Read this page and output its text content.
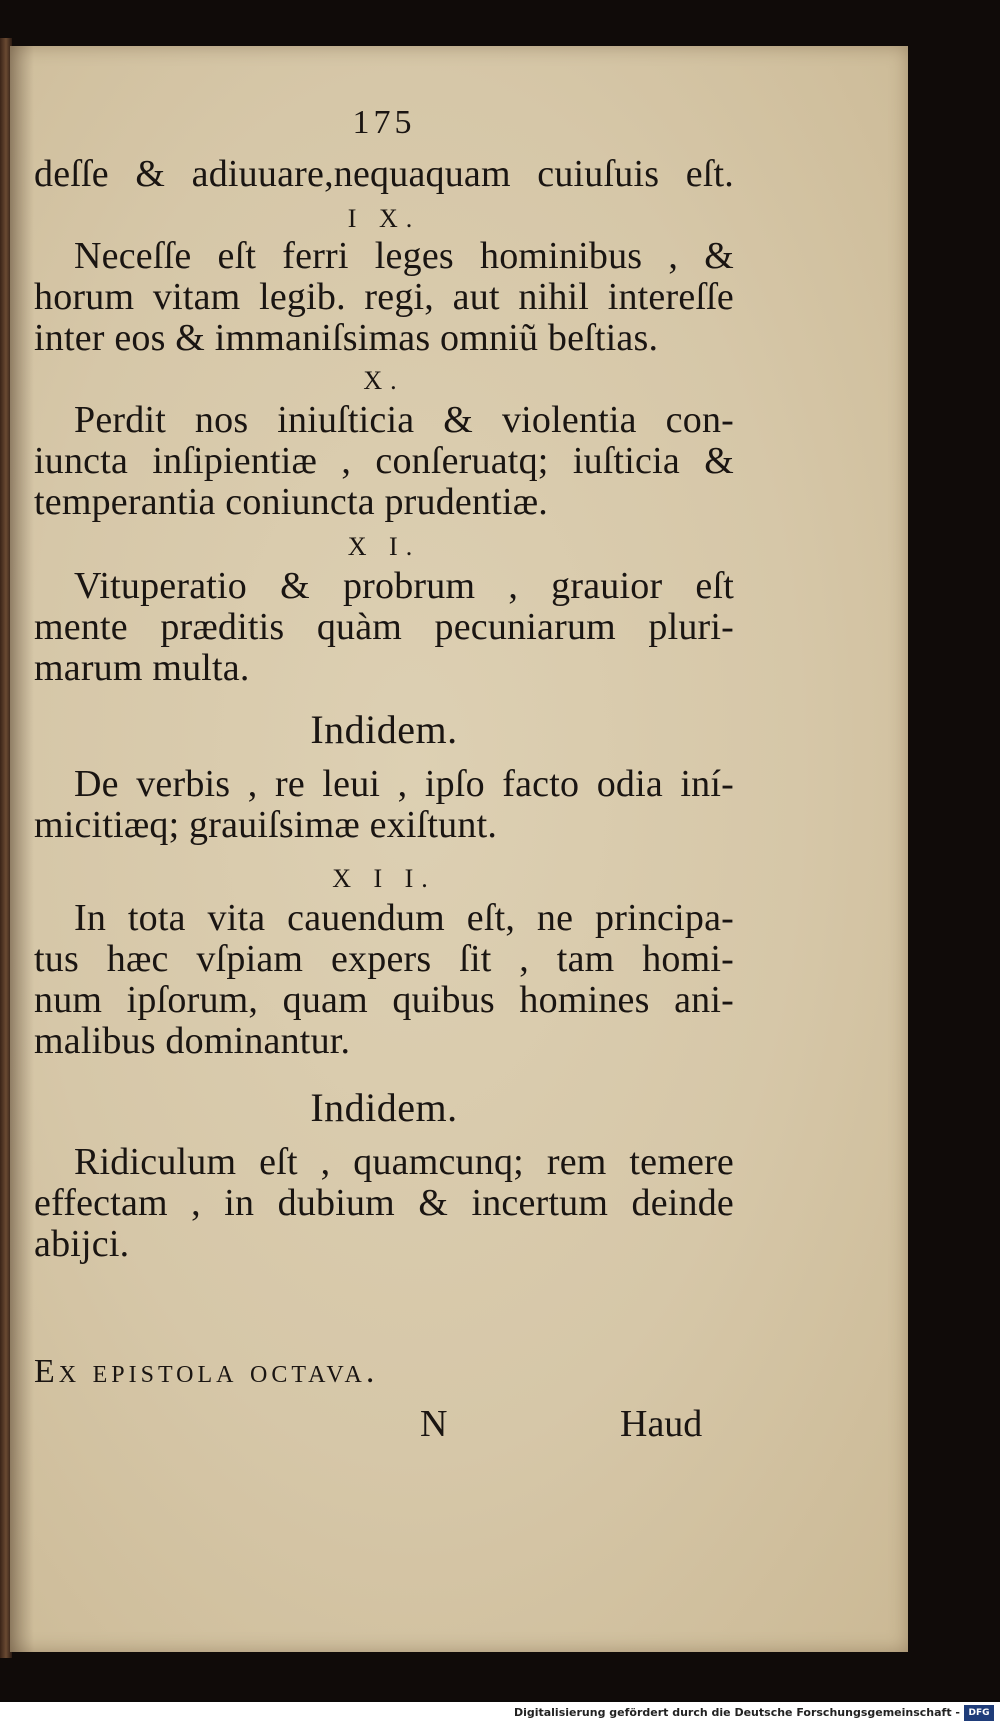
175
deſſe & adiuuare,nequaquam cuiuſuis eſt.
I X.
Neceſſe eſt ferri leges hominibus , &
horum vitam legib. regi, aut nihil intereſſe
inter eos & immaniſsimas omniũ beſtias.
X.
Perdit nos iniuſticia & violentia con-
iuncta inſipientiæ , conſeruatq; iuſticia &
temperantia coniuncta prudentiæ.
X I.
Vituperatio & probrum , grauior eſt
mente præditis quàm pecuniarum pluri-
marum multa.
Indidem.
De verbis , re leui , ipſo facto odia iní-
micitiæq; grauiſsimæ exiſtunt.
X I I.
In tota vita cauendum eſt, ne principa-
tus hæc vſpiam expers ſit , tam homi-
num ipſorum, quam quibus homines ani-
malibus dominantur.
Indidem.
Ridiculum eſt , quamcunq; rem temere
effectam , in dubium & incertum deinde
abijci.
Ex epistola octava.
N	Haud
Digitalisierung gefördert durch die Deutsche Forschungsgemeinschaft - DFG
